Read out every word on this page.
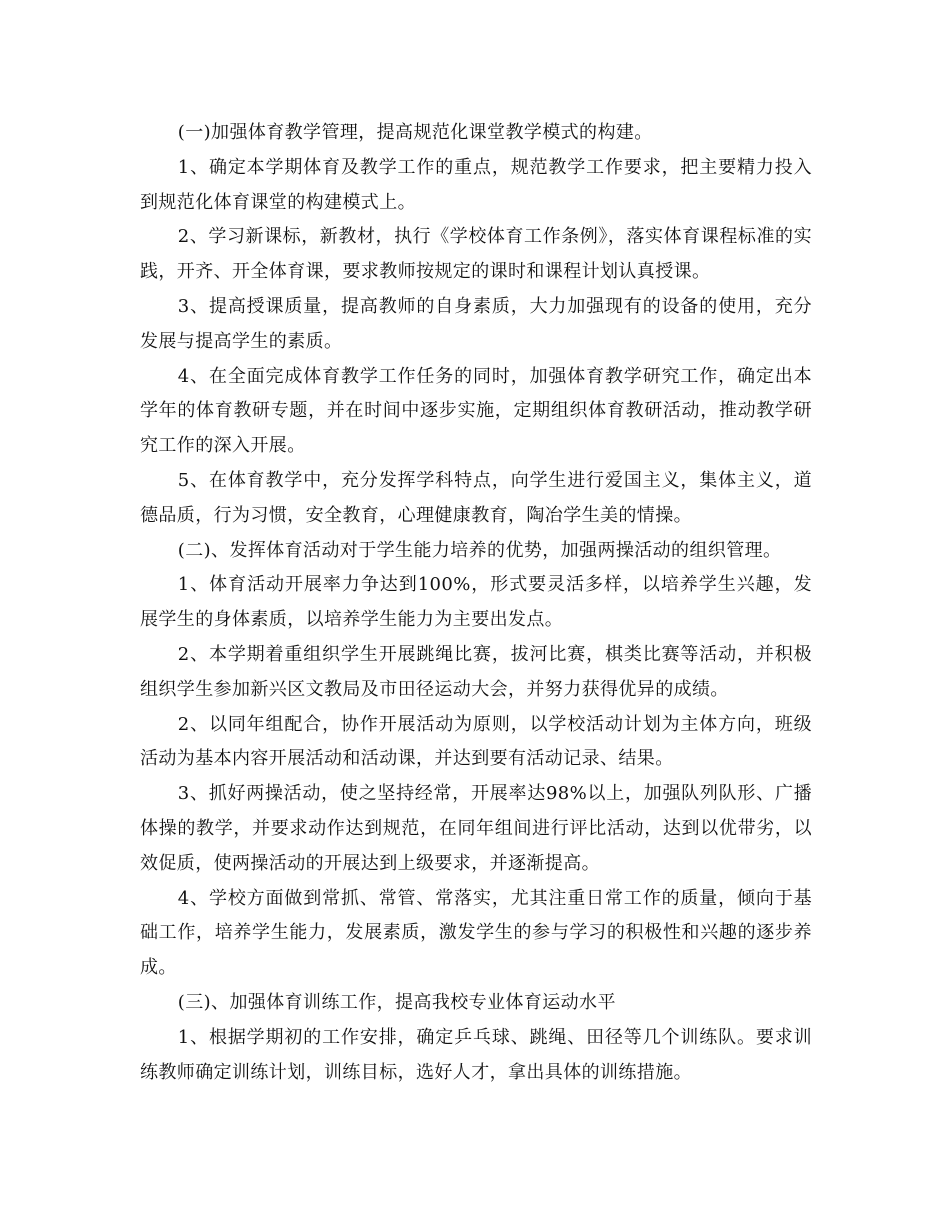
(一)加强体育教学管理，提高规范化课堂教学模式的构建。

1、确定本学期体育及教学工作的重点，规范教学工作要求，把主要精力投入到规范化体育课堂的构建模式上。

2、学习新课标，新教材，执行《学校体育工作条例》，落实体育课程标准的实践，开齐、开全体育课，要求教师按规定的课时和课程计划认真授课。

3、提高授课质量，提高教师的自身素质，大力加强现有的设备的使用，充分发展与提高学生的素质。

4、在全面完成体育教学工作任务的同时，加强体育教学研究工作，确定出本学年的体育教研专题，并在时间中逐步实施，定期组织体育教研活动，推动教学研究工作的深入开展。

5、在体育教学中，充分发挥学科特点，向学生进行爱国主义，集体主义，道德品质，行为习惯，安全教育，心理健康教育，陶冶学生美的情操。

(二)、发挥体育活动对于学生能力培养的优势，加强两操活动的组织管理。

1、体育活动开展率力争达到100%，形式要灵活多样，以培养学生兴趣，发展学生的身体素质，以培养学生能力为主要出发点。

2、本学期着重组织学生开展跳绳比赛，拔河比赛，棋类比赛等活动，并积极组织学生参加新兴区文教局及市田径运动大会，并努力获得优异的成绩。

2、以同年组配合，协作开展活动为原则，以学校活动计划为主体方向，班级活动为基本内容开展活动和活动课，并达到要有活动记录、结果。

3、抓好两操活动，使之坚持经常，开展率达98%以上，加强队列队形、广播体操的教学，并要求动作达到规范，在同年组间进行评比活动，达到以优带劣，以效促质，使两操活动的开展达到上级要求，并逐渐提高。

4、学校方面做到常抓、常管、常落实，尤其注重日常工作的质量，倾向于基础工作，培养学生能力，发展素质，激发学生的参与学习的积极性和兴趣的逐步养成。

(三)、加强体育训练工作，提高我校专业体育运动水平

1、根据学期初的工作安排，确定乒乓球、跳绳、田径等几个训练队。要求训练教师确定训练计划，训练目标，选好人才，拿出具体的训练措施。
